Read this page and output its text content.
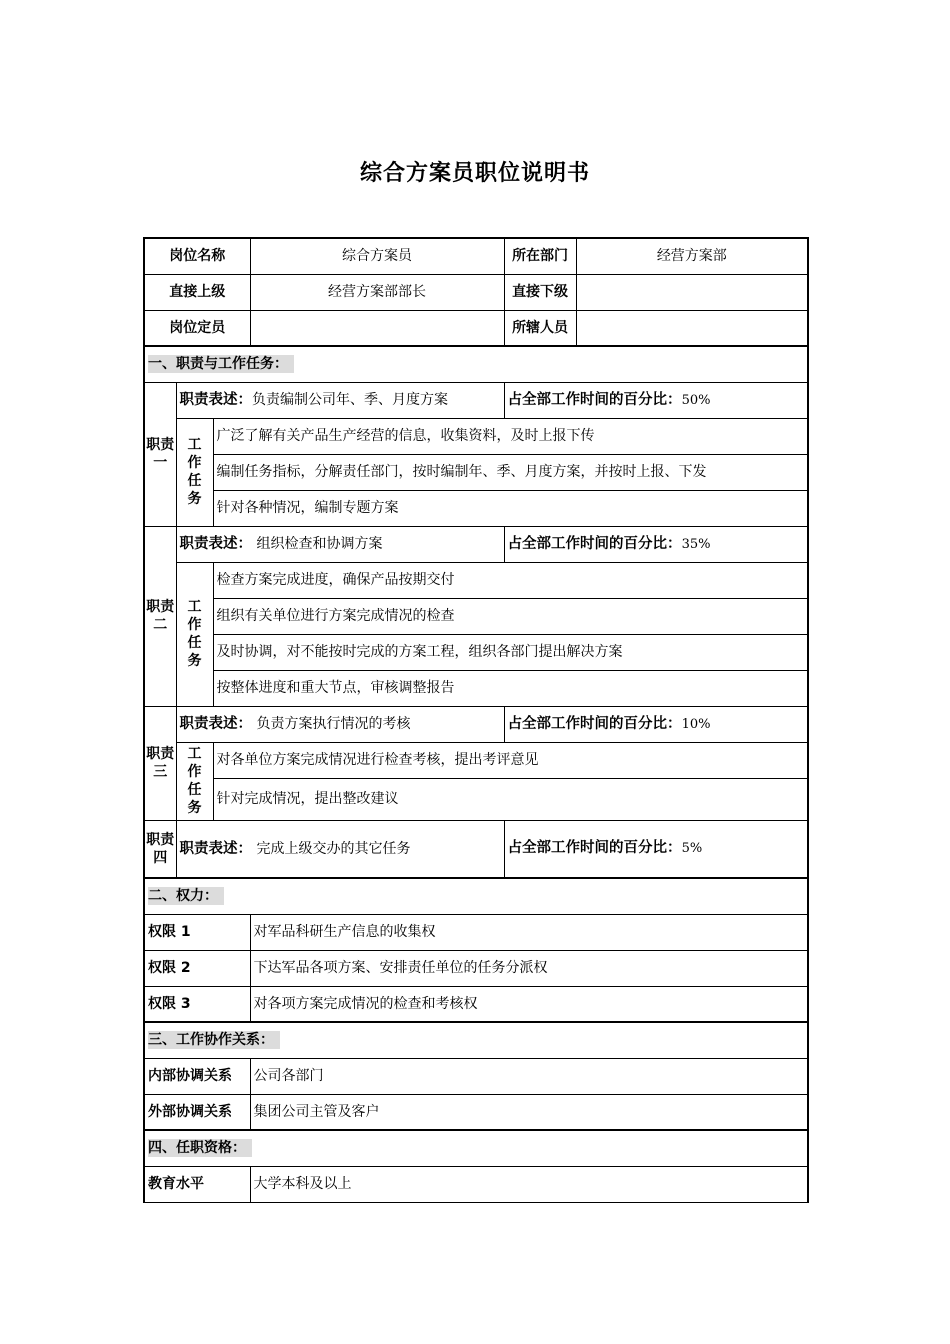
综合方案员职位说明书
岗位名称			综合方案员	所在部门	经营方案部
直接上级			经营方案部部长	直接下级	
岗位定员				所辖人员	
一、职责与工作任务：					
职责一	职责表述：负责编制公司年、季、月度方案			占全部工作时间的百分比：50%	
	工作任务	广泛了解有关产品生产经营的信息，收集资料，及时上报下传			
		编制任务指标，分解责任部门，按时编制年、季、月度方案，并按时上报、下发			
		针对各种情况，编制专题方案			
职责二	职责表述： 组织检查和协调方案			占全部工作时间的百分比：35%	
	工作任务	检查方案完成进度，确保产品按期交付			
		组织有关单位进行方案完成情况的检查			
		及时协调，对不能按时完成的方案工程，组织各部门提出解决方案			
		按整体进度和重大节点，审核调整报告			
职责三	职责表述： 负责方案执行情况的考核			占全部工作时间的百分比：10%	
	工作任务	对各单位方案完成情况进行检查考核，提出考评意见			
		针对完成情况，提出整改建议			
职责四	职责表述： 完成上级交办的其它任务			占全部工作时间的百分比：5%	
二、权力：					
权限 1			对军品科研生产信息的收集权		
权限 2			下达军品各项方案、安排责任单位的任务分派权		
权限 3			对各项方案完成情况的检查和考核权		
三、工作协作关系：					
内部协调关系			公司各部门		
外部协调关系			集团公司主管及客户		
四、任职资格：					
教育水平			大学本科及以上		
